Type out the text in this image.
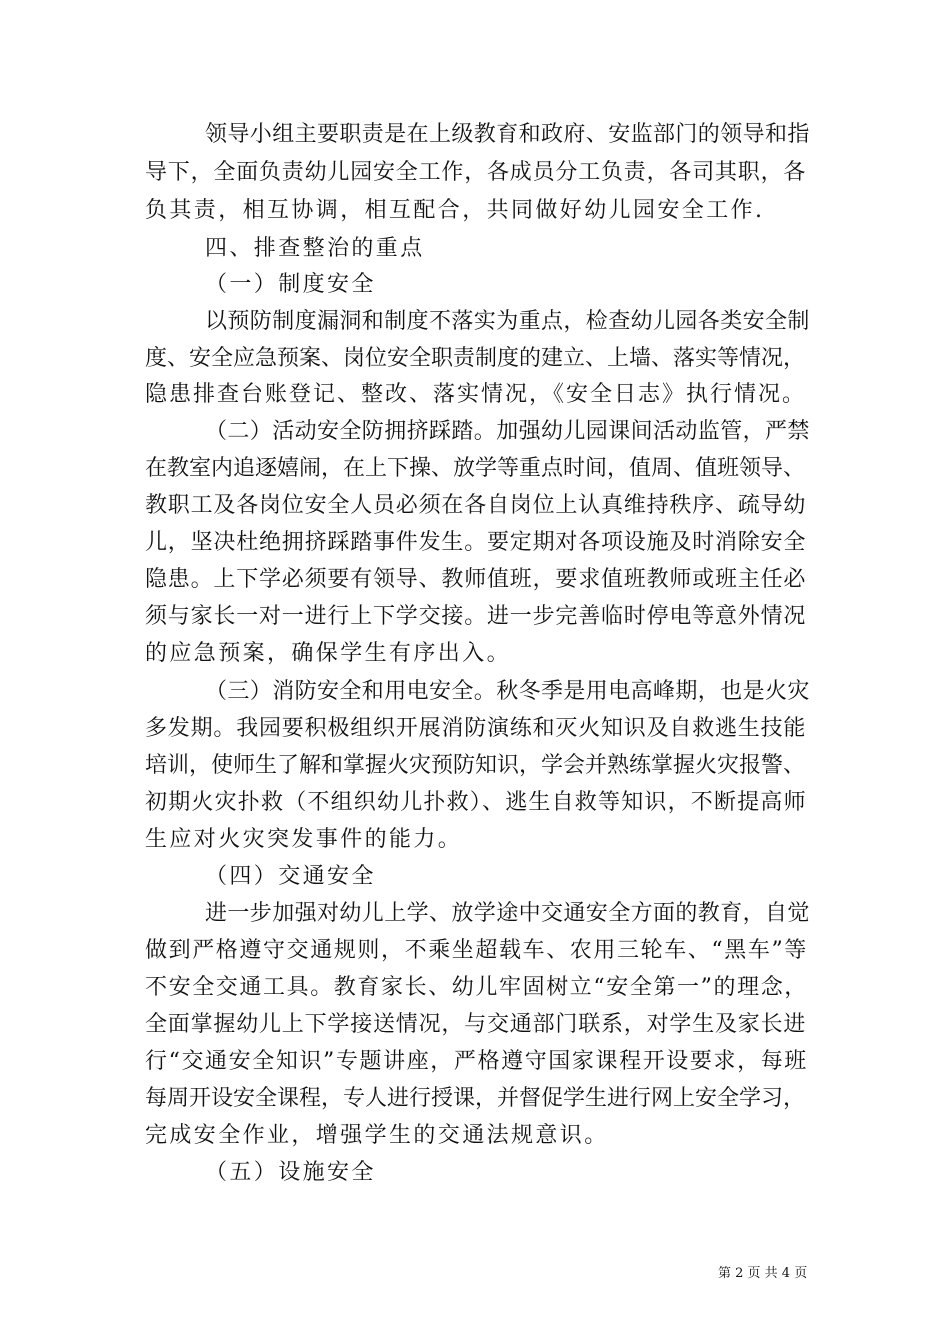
领导小组主要职责是在上级教育和政府、安监部门的领导和指
导下，全面负责幼儿园安全工作，各成员分工负责，各司其职，各
负其责，相互协调，相互配合，共同做好幼儿园安全工作.
四、排查整治的重点
（一）制度安全
以预防制度漏洞和制度不落实为重点，检查幼儿园各类安全制
度、安全应急预案、岗位安全职责制度的建立、上墙、落实等情况，
隐患排查台账登记、整改、落实情况，《安全日志》执行情况。
（二）活动安全防拥挤踩踏。加强幼儿园课间活动监管，严禁
在教室内追逐嬉闹，在上下操、放学等重点时间，值周、值班领导、
教职工及各岗位安全人员必须在各自岗位上认真维持秩序、疏导幼
儿，坚决杜绝拥挤踩踏事件发生。要定期对各项设施及时消除安全
隐患。上下学必须要有领导、教师值班，要求值班教师或班主任必
须与家长一对一进行上下学交接。进一步完善临时停电等意外情况
的应急预案，确保学生有序出入。
（三）消防安全和用电安全。秋冬季是用电高峰期，也是火灾
多发期。我园要积极组织开展消防演练和灭火知识及自救逃生技能
培训，使师生了解和掌握火灾预防知识，学会并熟练掌握火灾报警、
初期火灾扑救（不组织幼儿扑救）、逃生自救等知识，不断提高师
生应对火灾突发事件的能力。
（四）交通安全
进一步加强对幼儿上学、放学途中交通安全方面的教育，自觉
做到严格遵守交通规则，不乘坐超载车、农用三轮车、“黑车”等
不安全交通工具。教育家长、幼儿牢固树立“安全第一”的理念，
全面掌握幼儿上下学接送情况，与交通部门联系，对学生及家长进
行“交通安全知识”专题讲座，严格遵守国家课程开设要求，每班
每周开设安全课程，专人进行授课，并督促学生进行网上安全学习，
完成安全作业，增强学生的交通法规意识。
（五）设施安全
第 2 页 共 4 页
